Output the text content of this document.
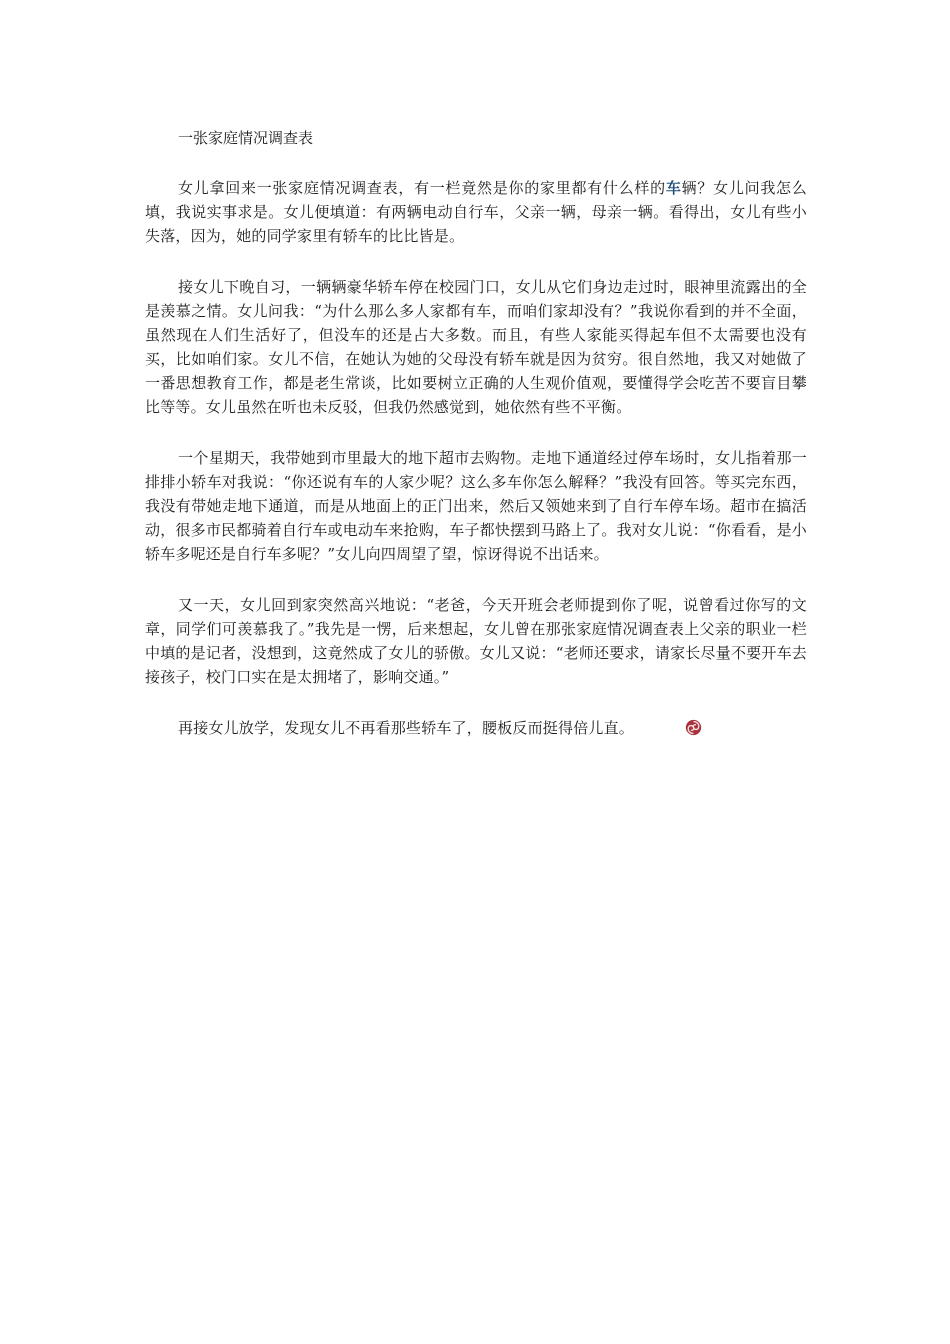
一张家庭情况调查表

女儿拿回来一张家庭情况调查表，有一栏竟然是你的家里都有什么样的车辆？女儿问我怎么填，我说实事求是。女儿便填道：有两辆电动自行车，父亲一辆，母亲一辆。看得出，女儿有些小失落，因为，她的同学家里有轿车的比比皆是。

接女儿下晚自习，一辆辆豪华轿车停在校园门口，女儿从它们身边走过时，眼神里流露出的全是羡慕之情。女儿问我：“为什么那么多人家都有车，而咱们家却没有？”我说你看到的并不全面，虽然现在人们生活好了，但没车的还是占大多数。而且，有些人家能买得起车但不太需要也没有买，比如咱们家。女儿不信，在她认为她的父母没有轿车就是因为贫穷。很自然地，我又对她做了一番思想教育工作，都是老生常谈，比如要树立正确的人生观价值观，要懂得学会吃苦不要盲目攀比等等。女儿虽然在听也未反驳，但我仍然感觉到，她依然有些不平衡。

一个星期天，我带她到市里最大的地下超市去购物。走地下通道经过停车场时，女儿指着那一排排小轿车对我说：“你还说有车的人家少呢？这么多车你怎么解释？”我没有回答。等买完东西，我没有带她走地下通道，而是从地面上的正门出来，然后又领她来到了自行车停车场。超市在搞活动，很多市民都骑着自行车或电动车来抢购，车子都快摆到马路上了。我对女儿说：“你看看，是小轿车多呢还是自行车多呢？”女儿向四周望了望，惊讶得说不出话来。

又一天，女儿回到家突然高兴地说：“老爸，今天开班会老师提到你了呢，说曾看过你写的文章，同学们可羡慕我了。”我先是一愣，后来想起，女儿曾在那张家庭情况调查表上父亲的职业一栏中填的是记者，没想到，这竟然成了女儿的骄傲。女儿又说：“老师还要求，请家长尽量不要开车去接孩子，校门口实在是太拥堵了，影响交通。”

再接女儿放学，发现女儿不再看那些轿车了，腰板反而挺得倍儿直。
